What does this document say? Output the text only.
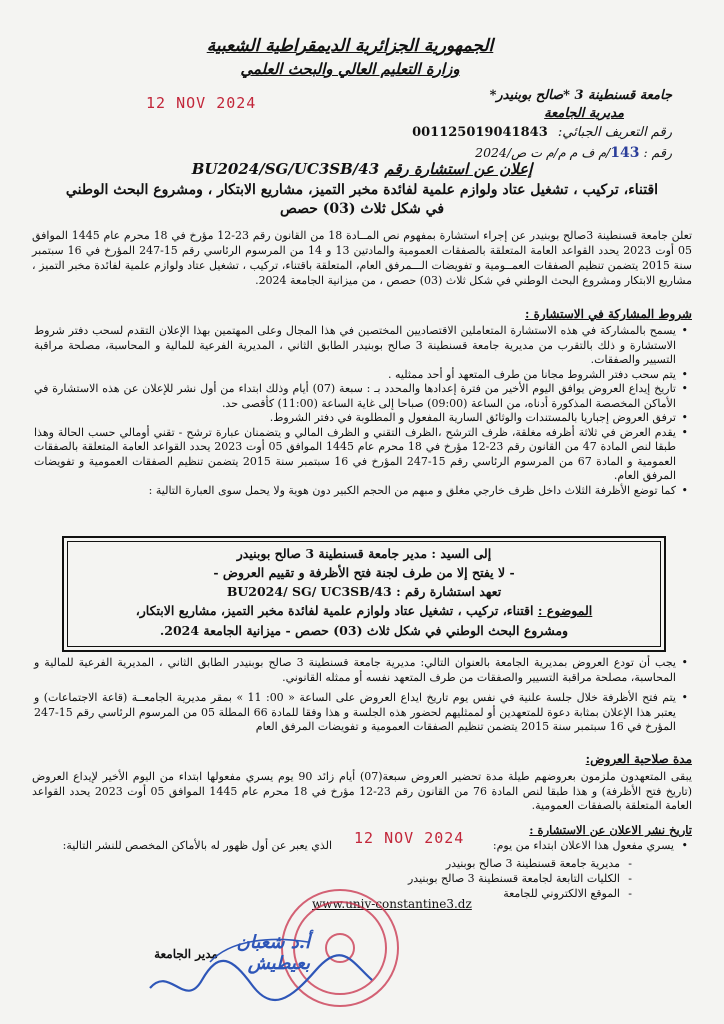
الجمهورية الجزائرية الديمقراطية الشعبية
وزارة التعليم العالي والبحث العلمي
جامعة قسنطينة 3 *صالح بوبنيدر*
مديرية الجامعة
12 NOV 2024
رقم التعريف الجبائي: 001125019041843
رقم : 143/م ف م م/م ت ص/2024
إعلان عن استشارة رقم BU2024/SG/UC3SB/43
اقتناء، تركيب ، تشغيل عتاد ولوازم علمية لفائدة مخبر التميز، مشاريع الابتكار ، ومشروع البحث الوطني
في شكل ثلاث (03) حصص

تعلن جامعة قسنطينة 3صالح بوبنيدر عن إجراء استشارة بمفهوم نص المــادة 18 من القانون رقم 23-12 مؤرخ في 18 محرم عام 1445 الموافق 05 أوت 2023 يحدد القواعد العامة المتعلقة بالصفقات العمومية والمادتين 13 و 14 من المرسوم الرئاسي رقم 15-247 المؤرخ في 16 سبتمبر سنة 2015 يتضمن تنظيم الصفقات العمــومية و تفويضات الـــمرفق العام، المتعلقة باقتناء، تركيب ، تشغيل عتاد ولوازم علمية لفائدة مخبر التميز ، مشاريع الابتكار ومشروع البحث الوطني في شكل ثلاث (03) حصص ، من ميزانية الجامعة 2024.

شروط المشاركة في الاستشارة :
• يسمح بالمشاركة في هذه الاستشارة المتعاملين الاقتصاديين المختصين في هذا المجال وعلى المهتمين بهذا الإعلان التقدم لسحب دفتر شروط الاستشارة و ذلك بالتقرب من مديرية جامعة قسنطينة 3 صالح بوبنيدر الطابق الثاني ، المديرية الفرعية للمالية و المحاسبة، مصلحة مراقبة التسيير والصفقات.
• يتم سحب دفتر الشروط مجانا من طرف المتعهد أو أحد ممثليه .
• تاريخ إيداع العروض يوافق اليوم الأخير من فترة إعدادها والمحدد بـ : سبعة (07) أيام وذلك ابتداء من أول نشر للإعلان عن هذه الاستشارة في الأماكن المخصصة المذكورة أدناه، من الساعة (09:00) صباحا إلى غاية الساعة (11:00) كأقصى حد.
• ترفق العروض إجباريا بالمستندات والوثائق السارية المفعول و المطلوبة في دفتر الشروط.
• يقدم العرض في ثلاثة أظرفه مغلقة، ظرف الترشح ،الظرف التقني و الظرف المالي و يتضمنان عبارة ترشح - تقني أومالي حسب الحالة وهذا طبقا لنص المادة 47 من القانون رقم 23-12 مؤرخ في 18 محرم عام 1445 الموافق 05 أوت 2023 يحدد القواعد العامة المتعلقة بالصفقات العمومية و المادة 67 من المرسوم الرئاسي رقم 15-247 المؤرخ في 16 سبتمبر سنة 2015 يتضمن تنظيم الصفقات العمومية و تفويضات المرفق العام.
• كما توضع الأظرفة الثلاث داخل ظرف خارجي مغلق و مبهم من الحجم الكبير دون هوية ولا يحمل سوى العبارة التالية :
إلى السيد : مدير جامعة قسنطينة 3 صالح بوبنيدر
- لا يفتح إلا من طرف لجنة فتح الأظرفة و تقييم العروض -
تعهد استشارة رقم : BU2024/ SG/ UC3SB/43
الموضوع : اقتناء، تركيب ، تشغيل عتاد ولوازم علمية لفائدة مخبر التميز، مشاريع الابتكار،
ومشروع البحث الوطني في شكل ثلاث (03) حصص - ميزانية الجامعة 2024.
• يجب أن تودع العروض بمديرية الجامعة بالعنوان التالي: مديرية جامعة قسنطينة 3 صالح بوبنيدر الطابق الثاني ، المديرية الفرعية للمالية و المحاسبة، مصلحة مراقبة التسيير والصفقات من طرف المتعهد نفسه أو ممثله القانوني.
• يتم فتح الأظرفة خلال جلسة علنية في نفس يوم تاريخ ايداع العروض على الساعة « 00: 11 » بمقر مديرية الجامعــة (قاعة الاجتماعات) و يعتبر هذا الإعلان بمثابة دعوة للمتعهدين أو لممثليهم لحضور هذه الجلسة و هذا وفقا للمادة 66 المطلة 05 من المرسوم الرئاسي رقم 15-247 المؤرخ في 16 سبتمبر سنة 2015 يتضمن تنظيم الصفقات العمومية و تفويضات المرفق العام
مدة صلاحية العروض:

يبقى المتعهدون ملزمون بعروضهم طيلة مدة تحضير العروض سبعة(07) أيام زائد 90 يوم يسري مفعولها ابتداء من اليوم الأخير لإيداع العروض (تاريخ فتح الأظرفة) و هذا طبقا لنص المادة 76 من القانون رقم 23-12 مؤرخ في 18 محرم عام 1445 الموافق 05 أوت 2023 يحدد القواعد العامة المتعلقة بالصفقات العمومية.

تاريخ نشر الاعلان عن الاستشارة :
•
يسري مفعول هذا الاعلان ابتداء من يوم:
الذي يعبر عن أول ظهور له بالأماكن المخصص للنشر التالية: 12 NOV 2024
-
مديرية جامعة قسنطينة 3 صالح بوبنيدر
-
الكليات التابعة لجامعة قسنطينة 3 صالح بوبنيدر
-
الموقع الالكتروني للجامعة
www.univ-constantine3.dz
مدير الجامعة
أ.د شعبان بعيطيش
